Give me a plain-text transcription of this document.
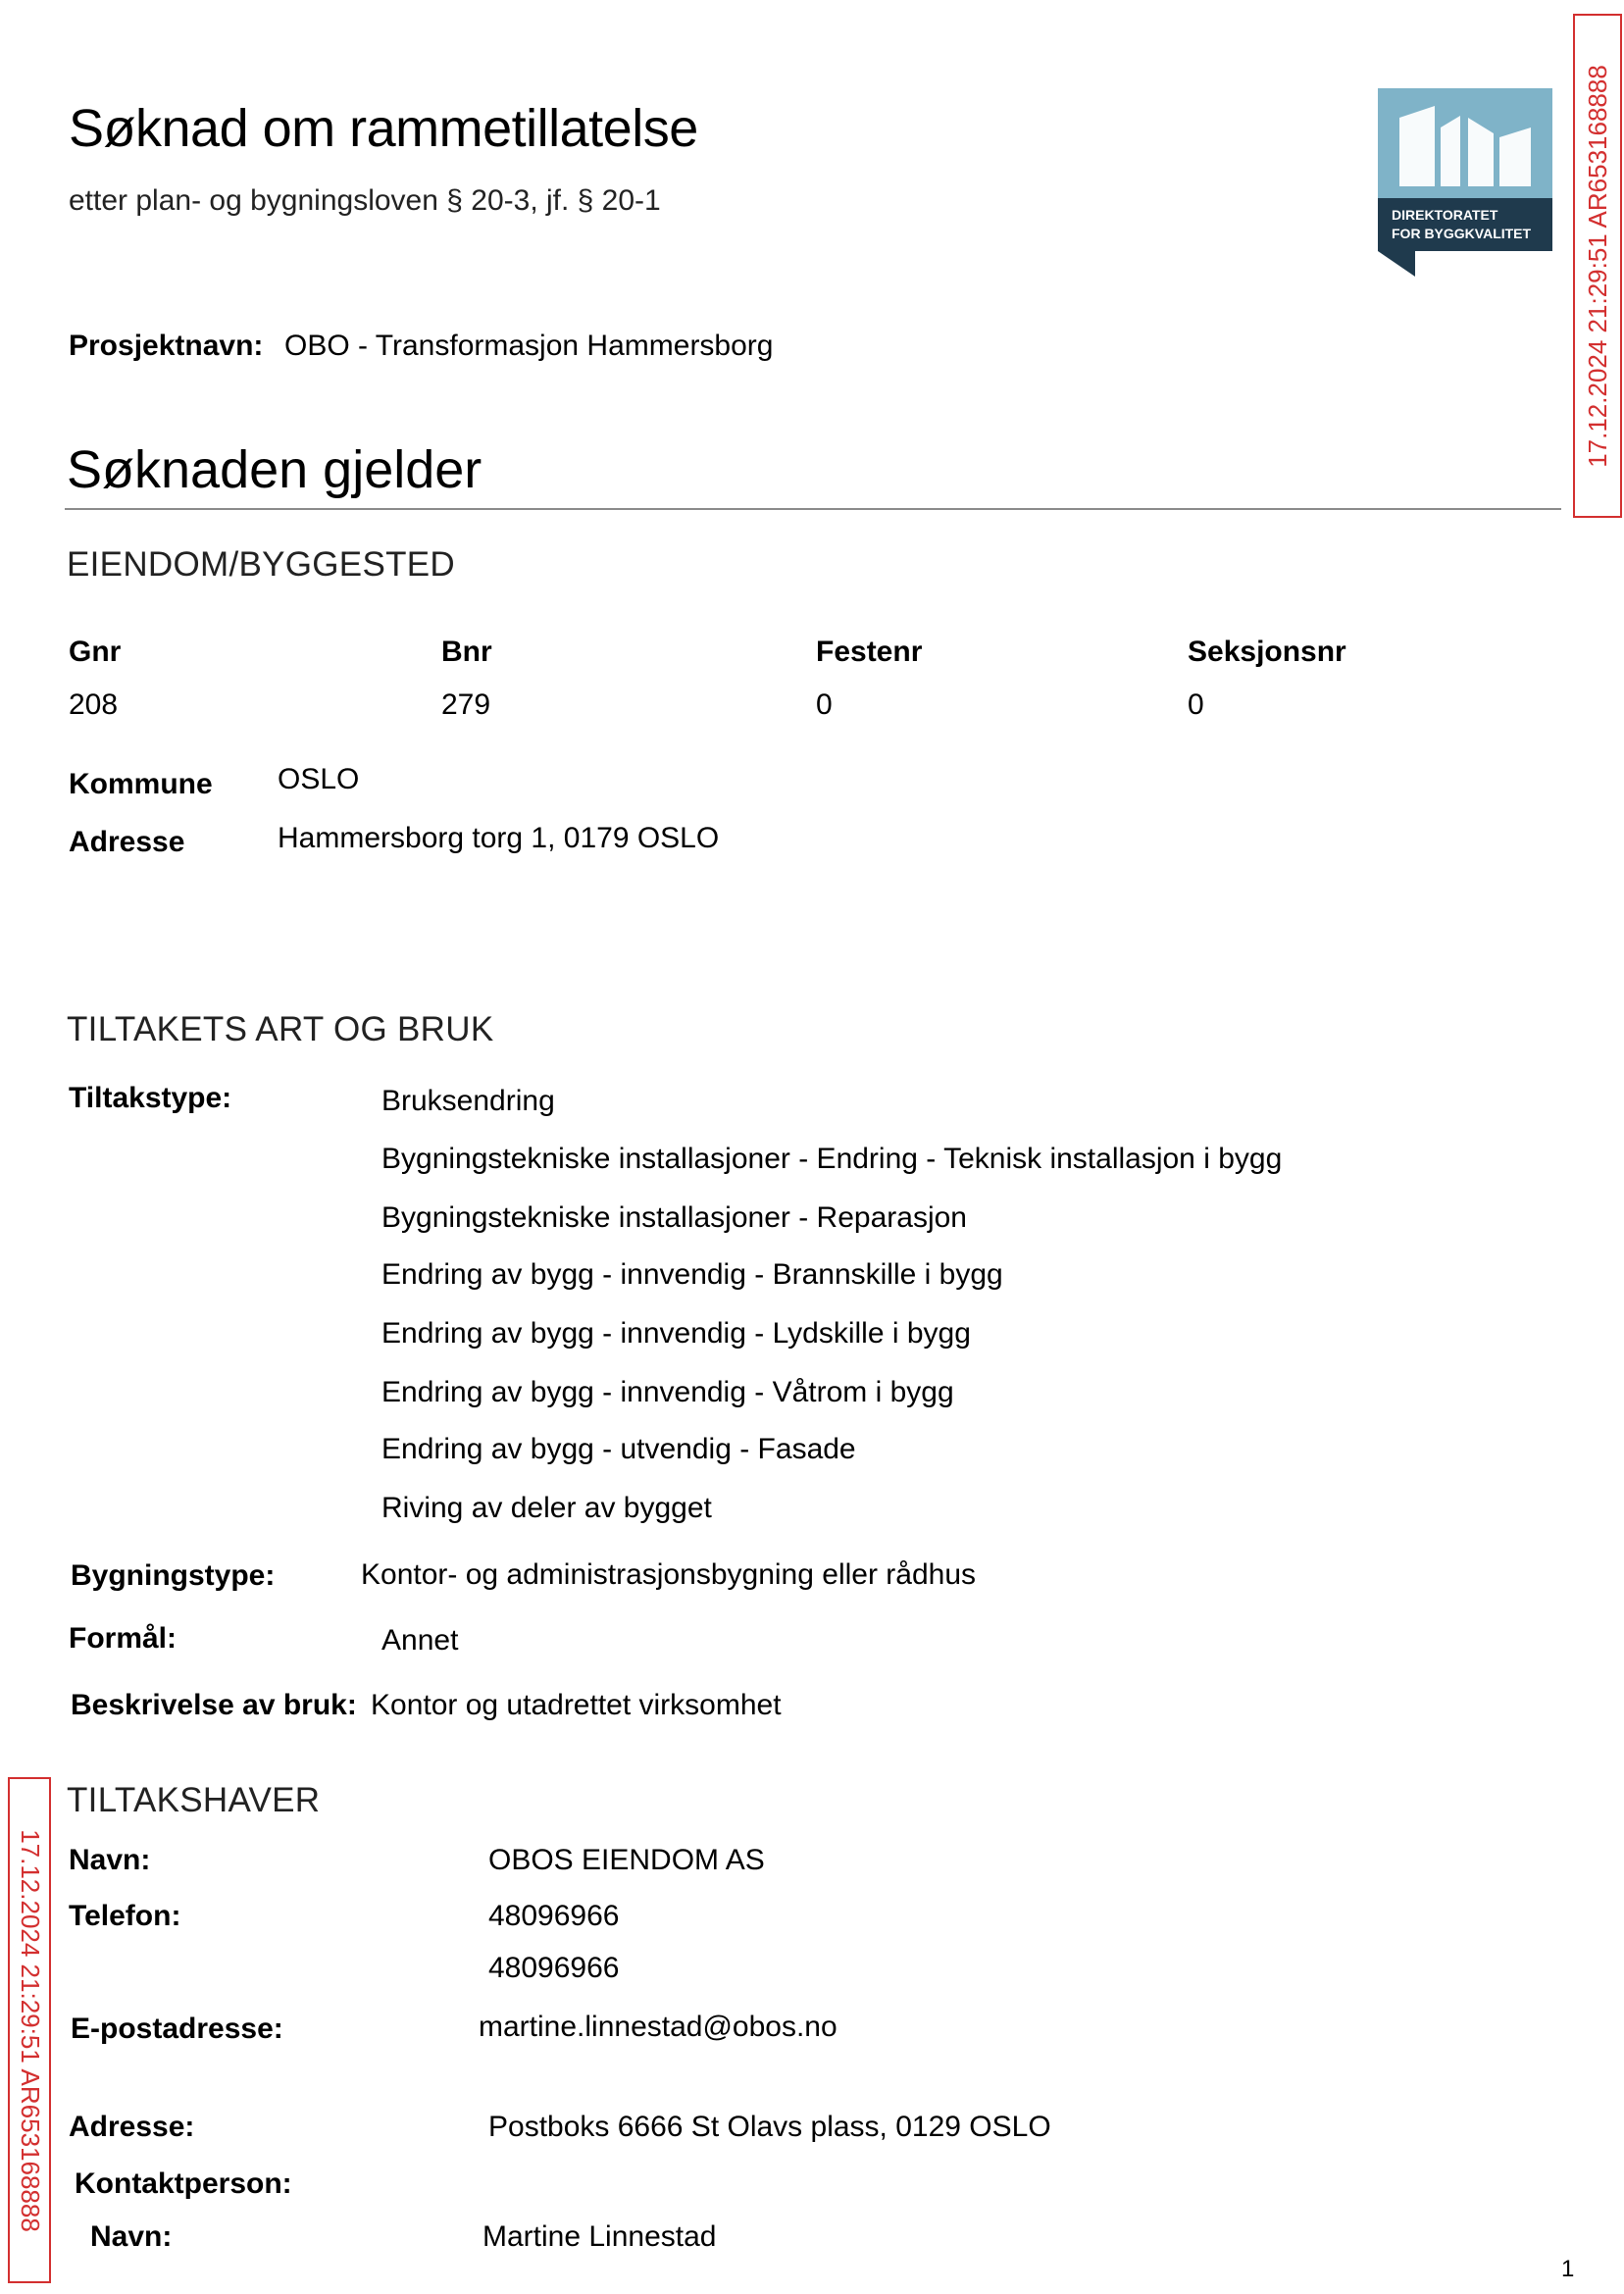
Søknad om rammetillatelse
etter plan- og bygningsloven § 20-3, jf. § 20-1	DIREKTORATET
FOR BYGGKVALITET 17.12.2024 21:29:51 AR653168888
Prosjektnavn: OBO - Transformasjon Hammersborg
Søknaden gjelder
EIENDOM/BYGGESTED
Gnr	Bnr	Festenr	Seksjonsnr
208	279	0	0
Kommune OSLO
Adresse	Hammersborg torg 1, 0179 OSLO
TILTAKETS ART OG BRUK
Tiltakstype:	Bruksendring
Bygningstekniske installasjoner - Endring - Teknisk installasjon i bygg
Bygningstekniske installasjoner - Reparasjon
Endring av bygg - innvendig - Brannskille i bygg
Endring av bygg - innvendig - Lydskille i bygg
Endring av bygg - innvendig - Våtrom i bygg
Endring av bygg - utvendig - Fasade
Riving av deler av bygget
Bygningstype:	Kontor- og administrasjonsbygning eller rådhus
Formål:	Annet
Beskrivelse av bruk: Kontor og utadrettet virksomhet
17.12.2024 21:29:51 AR653168888
TILTAKSHAVER
Navn:	OBOS EIENDOM AS
Telefon:	48096966
48096966
E-postadresse:	martine.linnestad@obos.no
Adresse:	Postboks 6666 St Olavs plass, 0129 OSLO
Kontaktperson:
Navn:	Martine Linnestad
1
